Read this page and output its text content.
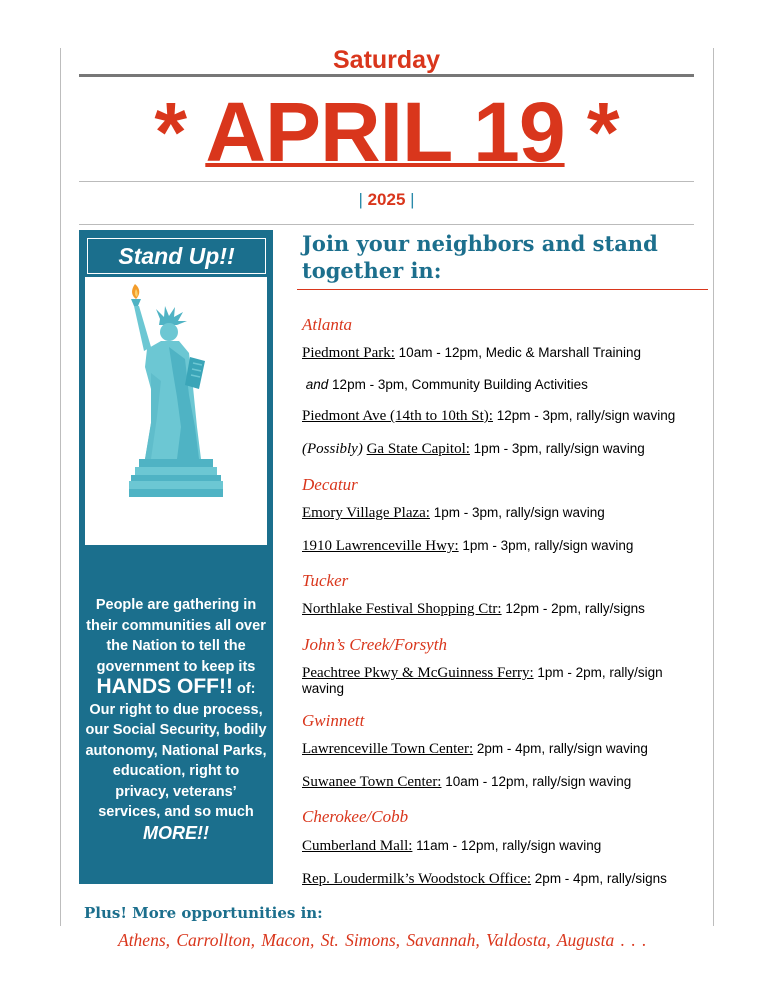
Saturday
* APRIL 19 *
| 2025 |
Stand Up!!
People are gathering in their communities all over the Nation to tell the government to keep its
HANDS OFF!! of:
Our right to due process, our Social Security, bodily autonomy, National Parks, education, right to privacy, veterans’ services, and so much
MORE!!
Join your neighbors and stand together in:
Atlanta
Piedmont Park: 10am - 12pm, Medic & Marshall Training
and 12pm - 3pm, Community Building Activities
Piedmont Ave (14th to 10th St): 12pm - 3pm, rally/sign waving
(Possibly) Ga State Capitol: 1pm - 3pm, rally/sign waving
Decatur
Emory Village Plaza: 1pm - 3pm, rally/sign waving
1910 Lawrenceville Hwy: 1pm - 3pm, rally/sign waving
Tucker
Northlake Festival Shopping Ctr: 12pm - 2pm, rally/signs
John’s Creek/Forsyth
Peachtree Pkwy & McGuinness Ferry: 1pm - 2pm, rally/sign waving
Gwinnett
Lawrenceville Town Center: 2pm - 4pm, rally/sign waving
Suwanee Town Center: 10am - 12pm, rally/sign waving
Cherokee/Cobb
Cumberland Mall: 11am - 12pm, rally/sign waving
Rep. Loudermilk’s Woodstock Office: 2pm - 4pm, rally/signs
Plus! More opportunities in:
Athens, Carrollton, Macon, St. Simons, Savannah, Valdosta, Augusta . . .
